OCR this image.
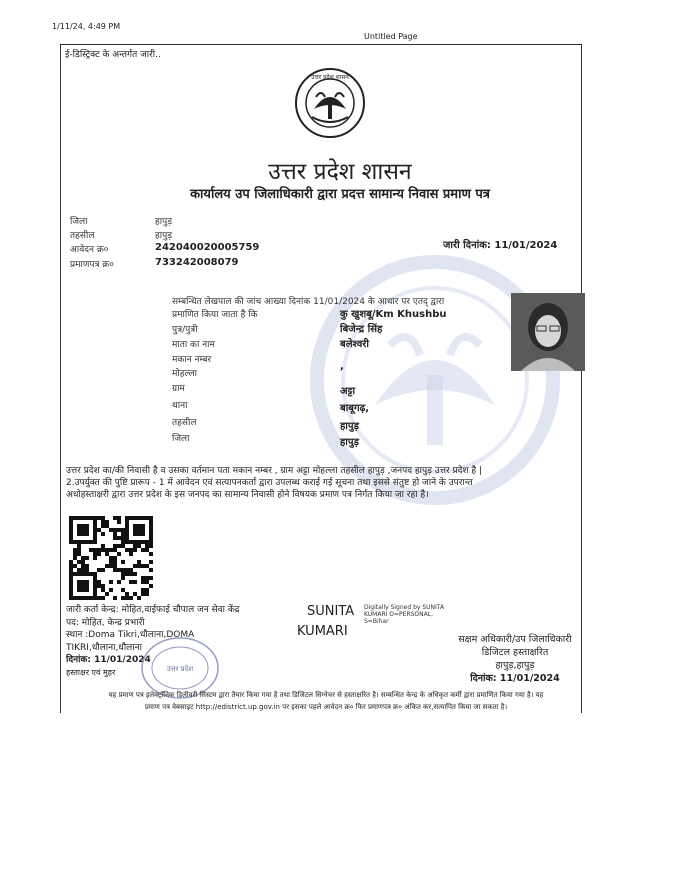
1/11/24, 4:49 PM
Untitled Page
ई-डिस्ट्रिक्ट के अन्तर्गत जारी..
उत्तर प्रदेश शासन
उत्तर प्रदेश शासन
कार्यालय उप जिलाधिकारी द्वारा प्रदत्त सामान्य निवास प्रमाण पत्र
जिला	हापुड़
तहसील	हापुड़
आवेदन क्र०	242040020005759
प्रमाणपत्र क्र०	733242008079
जारी दिनांक: 11/01/2024
सम्बन्धित लेखपाल की जांच आख्या दिनांक 11/01/2024 के आधार पर एतद् द्वारा
प्रमाणित किया जाता है कि	कु खुशबू/Km Khushbu
पुत्र/पुत्री	बिजेन्द्र सिंह
माता का नाम	बलेश्वरी
मकान नम्बर
मोहल्ला
,
ग्राम	अट्टा
थाना	बाबूगढ़,
तहसील	हापुड़
जिला	हापुड़
उत्तर प्रदेश का/की निवासी है व उसका वर्तमान पता मकान नम्बर , ग्राम अट्टा मोहल्ला तहसील हापुड़ ,जनपद हापुड़ उत्तर प्रदेश है |
2.उपर्युक्त की पुष्टि प्रारूप - 1 में आवेदन एवं सत्यापनकर्ता द्वारा उपलब्ध कराई गई सूचना तथा इससे संतुष्ट हो जाने के उपरान्त
अधोहस्ताक्षरी द्वारा उत्तर प्रदेश के इस जनपद का सामान्य निवासी होने विषयक प्रमाण पत्र निर्गत किया जा रहा है।
जारी कर्ता केन्द्र: मोहित,वाईफाई चौपाल जन सेवा केंद्र
पद: मोहित, केन्द्र प्रभारी
स्थान :Doma Tikri,धौलाना,DOMA
TIKRI,धौलाना,धौलाना
दिनांक: 11/01/2024
हस्ताक्षर एवं मुहर	उत्तर प्रदेश
SUNITA
KUMARI
Digitally Signed by SUNITA
KUMARI O=PERSONAL,
S=Bihar
सक्षम अधिकारी/उप जिलाधिकारी
डिजिटल हस्ताक्षरित
हापुड़,हापुड़
दिनांक: 11/01/2024
यह प्रमाण पत्र इलेक्ट्रॉनिक डिलीवरी सिस्टम द्वारा तैयार किया गया है तथा डिजिटल सिग्नेचर से हस्ताक्षरित है। सम्बन्धित केन्द्र के अधिकृत कर्मी द्वारा प्रमाणित किया गया है। यह
प्रमाण पत्र वेबसाइट http://edistrict.up.gov.in पर इसका पहले आवेदन क्र० फिर प्रमाणपत्र क्र० अंकित कर,सत्यापित किया जा सकता है।
